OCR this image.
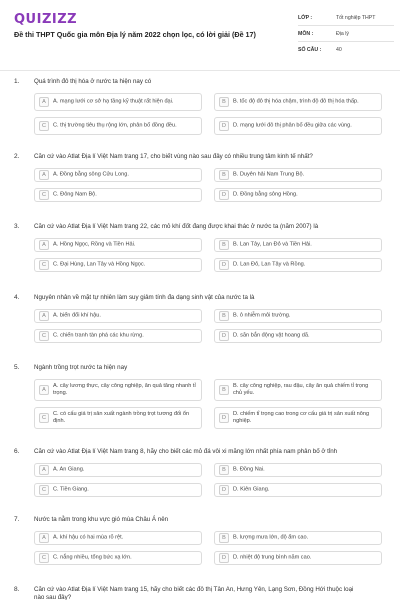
QUIZIZZ
Đề thi THPT Quốc gia môn Địa lý năm 2022 chọn lọc, có lời giải (Đề 17)
LỚP :	Tốt nghiệp THPT
MÔN :	Địa lý
SỐ CÂU :	40
1. Quá trình đô thị hóa ở nước ta hiện nay có
A	A. mạng lưới cơ sở hạ tầng kỹ thuật rất hiện đại.	B	B. tốc độ đô thị hóa chậm, trình độ đô thị hóa thấp.
C	C. thị trường tiêu thụ rộng lớn, phân bố đồng đều.	D	D. mạng lưới đô thị phân bố đều giữa các vùng.
2. Căn cứ vào Atlat Địa lí Việt Nam trang 17, cho biết vùng nào sau đây có nhiều trung tâm kinh tế nhất?
A	A. Đồng bằng sông Cửu Long.	B	B. Duyên hải Nam Trung Bộ.
C	C. Đông Nam Bộ.	D	D. Đồng bằng sông Hồng.
3. Căn cứ vào Atlat Địa lí Việt Nam trang 22, các mỏ khí đốt đang được khai thác ở nước ta (năm 2007) là
A	A. Hồng Ngọc, Rồng và Tiền Hải.	B	B. Lan Tây, Lan Đỏ và Tiền Hải.
C	C. Đại Hùng, Lan Tây và Hồng Ngọc.	D	D. Lan Đỏ, Lan Tây và Rồng.
4. Nguyên nhân về mặt tự nhiên làm suy giảm tính đa dạng sinh vật của nước ta là
A	A. biến đổi khí hậu.	B	B. ô nhiễm môi trường.
C	C. chiến tranh tàn phá các khu rừng.	D	D. săn bắn động vật hoang dã.
5. Ngành trồng trọt nước ta hiện nay
A
A. cây lương thực, cây công nghiệp, ăn quả tăng nhanh tỉ trọng.	B
B. cây công nghiệp, rau đậu, cây ăn quả chiếm tỉ trọng chủ yếu.
C
C. có cấu giá trị sản xuất ngành trồng trọt tương đối ổn định.	D
D. chiếm tỉ trọng cao trong cơ cấu giá trị sản xuất nông nghiệp.
6. Căn cứ vào Atlat Địa lí Việt Nam trang 8, hãy cho biết các mỏ đá vôi xi măng lớn nhất phía nam phân bố ở tỉnh
A	A. An Giang.	B	B. Đồng Nai.
C	C. Tiền Giang.	D	D. Kiên Giang.
7. Nước ta nằm trong khu vực gió mùa Châu Á nên
A	A. khí hậu có hai mùa rõ rệt.	B	B. lượng mưa lớn, độ ẩm cao.
C	C. nắng nhiều, tổng bức xạ lớn.	D	D. nhiệt độ trung bình năm cao.
8. Căn cứ vào Atlat Địa lí Việt Nam trang 15, hãy cho biết các đô thị Tân An, Hưng Yên, Lạng Sơn, Đồng Hới thuộc loại nào sau đây?
